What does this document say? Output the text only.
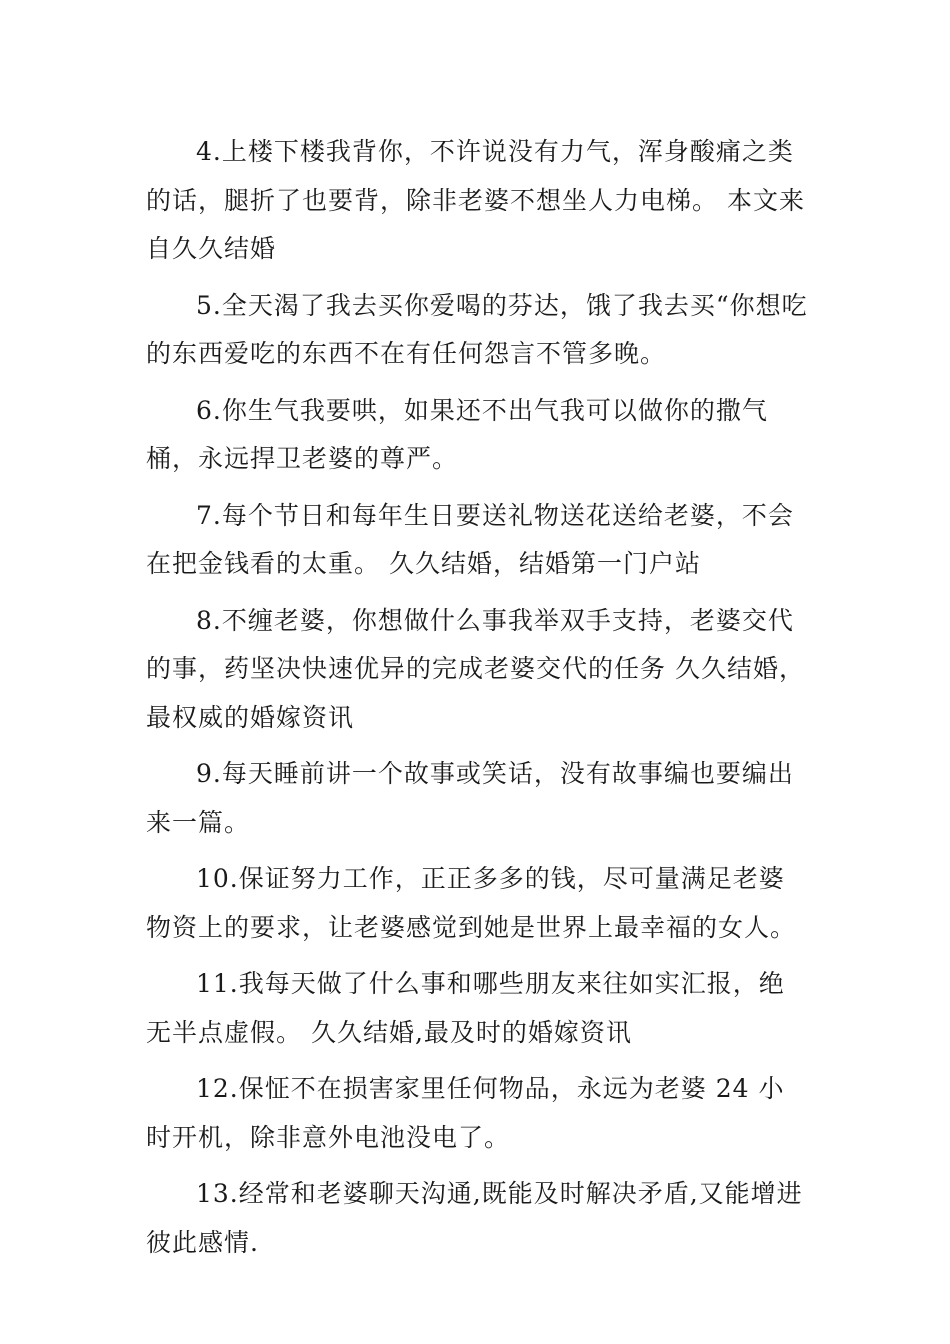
4.上楼下楼我背你，不许说没有力气，浑身酸痛之类的话，腿折了也要背，除非老婆不想坐人力电梯。 本文来自久久结婚

5.全天渴了我去买你爱喝的芬达，饿了我去买“你想吃的东西爱吃的东西不在有任何怨言不管多晚。

6.你生气我要哄，如果还不出气我可以做你的撒气桶，永远捍卫老婆的尊严。

7.每个节日和每年生日要送礼物送花送给老婆，不会在把金钱看的太重。 久久结婚，结婚第一门户站

8.不缠老婆，你想做什么事我举双手支持，老婆交代的事，药坚决快速优异的完成老婆交代的任务 久久结婚，最权威的婚嫁资讯

9.每天睡前讲一个故事或笑话，没有故事编也要编出来一篇。

10.保证努力工作，正正多多的钱，尽可量满足老婆物资上的要求，让老婆感觉到她是世界上最幸福的女人。

11.我每天做了什么事和哪些朋友来往如实汇报，绝无半点虚假。 久久结婚,最及时的婚嫁资讯

12.保怔不在损害家里任何物品，永远为老婆 24 小时开机，除非意外电池没电了。

13.经常和老婆聊天沟通,既能及时解决矛盾,又能增进彼此感情.
